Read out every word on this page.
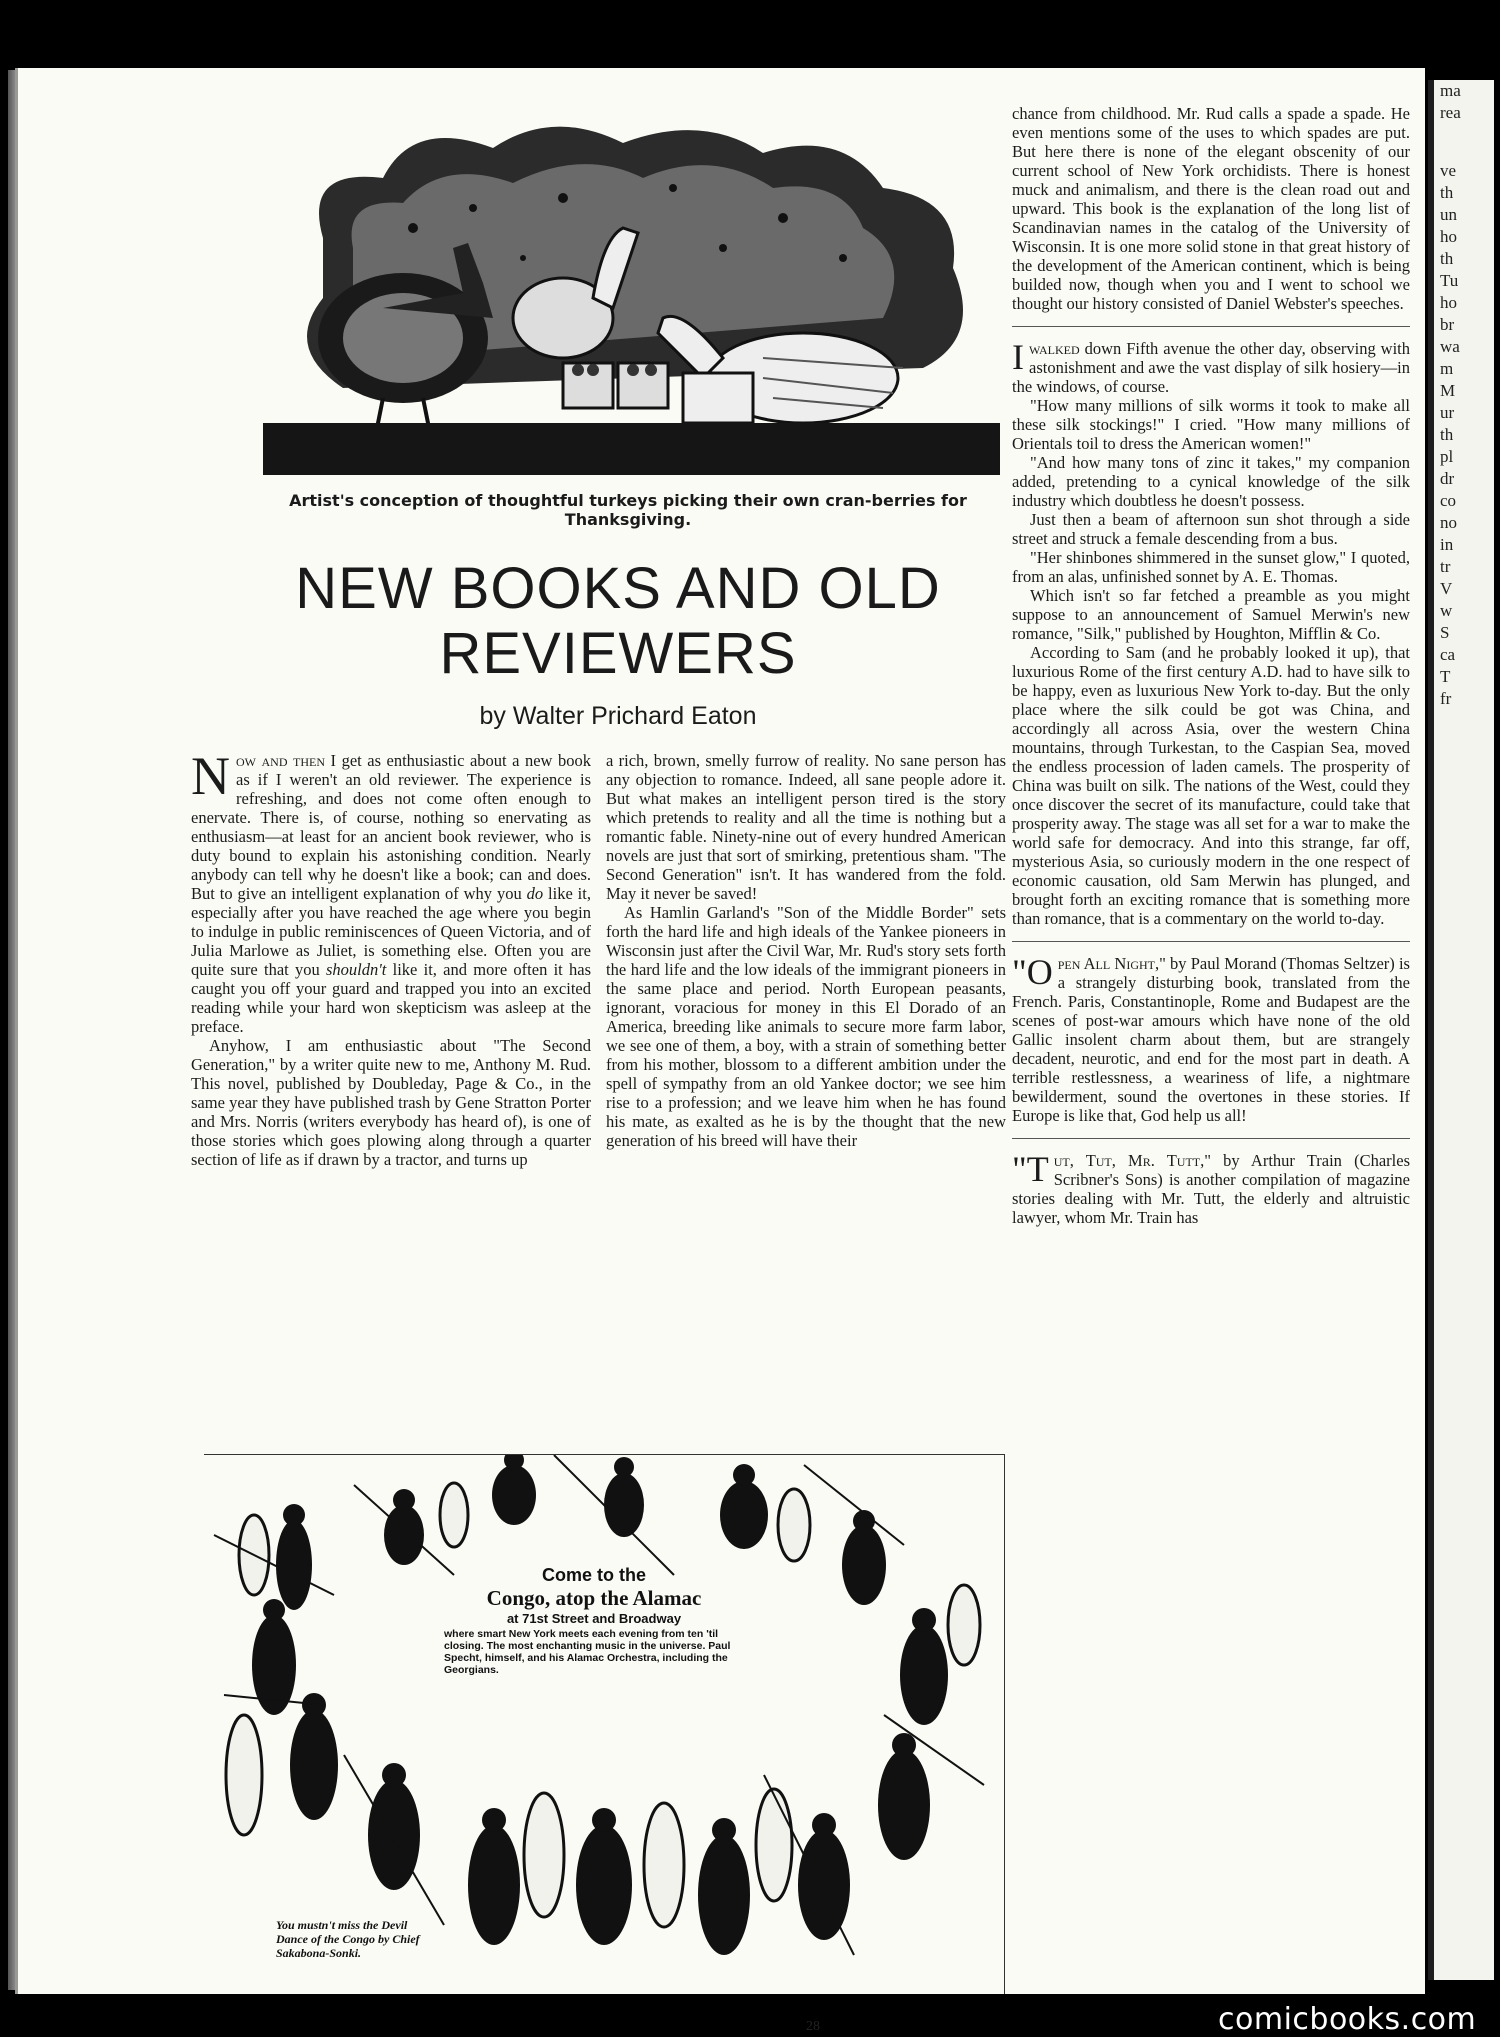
Artist's conception of thoughtful turkeys picking their own cran-berries for Thanksgiving.
NEW BOOKS AND OLD
REVIEWERS
by Walter Prichard Eaton

Now and then I get as enthusiastic about a new book as if I weren't an old reviewer. The experience is refreshing, and does not come often enough to enervate. There is, of course, nothing so enervating as enthusiasm—at least for an ancient book reviewer, who is duty bound to explain his astonishing condition. Nearly anybody can tell why he doesn't like a book; can and does. But to give an intelligent explanation of why you do like it, especially after you have reached the age where you begin to indulge in public reminiscences of Queen Victoria, and of Julia Marlowe as Juliet, is something else. Often you are quite sure that you shouldn't like it, and more often it has caught you off your guard and trapped you into an excited reading while your hard won skepticism was asleep at the preface.

Anyhow, I am enthusiastic about "The Second Generation," by a writer quite new to me, Anthony M. Rud. This novel, published by Doubleday, Page & Co., in the same year they have published trash by Gene Stratton Porter and Mrs. Norris (writers everybody has heard of), is one of those stories which goes plowing along through a quarter section of life as if drawn by a tractor, and turns up

a rich, brown, smelly furrow of reality. No sane person has any objection to romance. Indeed, all sane people adore it. But what makes an intelligent person tired is the story which pretends to reality and all the time is nothing but a romantic fable. Ninety-nine out of every hundred American novels are just that sort of smirking, pretentious sham. "The Second Generation" isn't. It has wandered from the fold. May it never be saved!

As Hamlin Garland's "Son of the Middle Border" sets forth the hard life and high ideals of the Yankee pioneers in Wisconsin just after the Civil War, Mr. Rud's story sets forth the hard life and the low ideals of the immigrant pioneers in the same place and period. North European peasants, ignorant, voracious for money in this El Dorado of an America, breeding like animals to secure more farm labor, we see one of them, a boy, with a strain of something better from his mother, blossom to a different ambition under the spell of sympathy from an old Yankee doctor; we see him rise to a profession; and we leave him when he has found his mate, as exalted as he is by the thought that the new generation of his breed will have their

chance from childhood. Mr. Rud calls a spade a spade. He even mentions some of the uses to which spades are put. But here there is none of the elegant obscenity of our current school of New York orchidists. There is honest muck and animalism, and there is the clean road out and upward. This book is the explanation of the long list of Scandinavian names in the catalog of the University of Wisconsin. It is one more solid stone in that great history of the development of the American continent, which is being builded now, though when you and I went to school we thought our history consisted of Daniel Webster's speeches.

Iwalked down Fifth avenue the other day, observing with astonishment and awe the vast display of silk hosiery—in the windows, of course.

"How many millions of silk worms it took to make all these silk stockings!" I cried. "How many millions of Orientals toil to dress the American women!"

"And how many tons of zinc it takes," my companion added, pretending to a cynical knowledge of the silk industry which doubtless he doesn't possess.

Just then a beam of afternoon sun shot through a side street and struck a female descending from a bus.

"Her shinbones shimmered in the sunset glow," I quoted, from an alas, unfinished sonnet by A. E. Thomas.

Which isn't so far fetched a preamble as you might suppose to an announcement of Samuel Merwin's new romance, "Silk," published by Houghton, Mifflin & Co.

According to Sam (and he probably looked it up), that luxurious Rome of the first century A.D. had to have silk to be happy, even as luxurious New York to-day. But the only place where the silk could be got was China, and accordingly all across Asia, over the western China mountains, through Turkestan, to the Caspian Sea, moved the endless procession of laden camels. The prosperity of China was built on silk. The nations of the West, could they once discover the secret of its manufacture, could take that prosperity away. The stage was all set for a war to make the world safe for democracy. And into this strange, far off, mysterious Asia, so curiously modern in the one respect of economic causation, old Sam Merwin has plunged, and brought forth an exciting romance that is something more than romance, that is a commentary on the world to-day.

"O pen All Night," by Paul Morand (Thomas Seltzer) is a strangely disturbing book, translated from the French. Paris, Constantinople, Rome and Budapest are the scenes of post-war amours which have none of the old Gallic insolent charm about them, but are strangely decadent, neurotic, and end for the most part in death. A terrible restlessness, a weariness of life, a nightmare bewilderment, sound the overtones in these stories. If Europe is like that, God help us all!

"T ut, Tut, Mr. Tutt," by Arthur Train (Charles Scribner's Sons) is another compilation of magazine stories dealing with Mr. Tutt, the elderly and altruistic lawyer, whom Mr. Train has

Come to the
Congo, atop the Alamac
at 71st Street and Broadway
where smart New York meets each evening from ten 'til closing. The most enchanting music in the universe. Paul Specht, himself, and his Alamac Orchestra, including the Georgians.
You mustn't miss the Devil Dance of the Congo by Chief Sakabona-Sonki.
28
ma
rea

ve
th
un
ho
th
Tu
ho
br
wa
m
M
ur
th
pl
dr
co
no
in
tr
V
w
S
ca
T
fr
comicbooks.com
